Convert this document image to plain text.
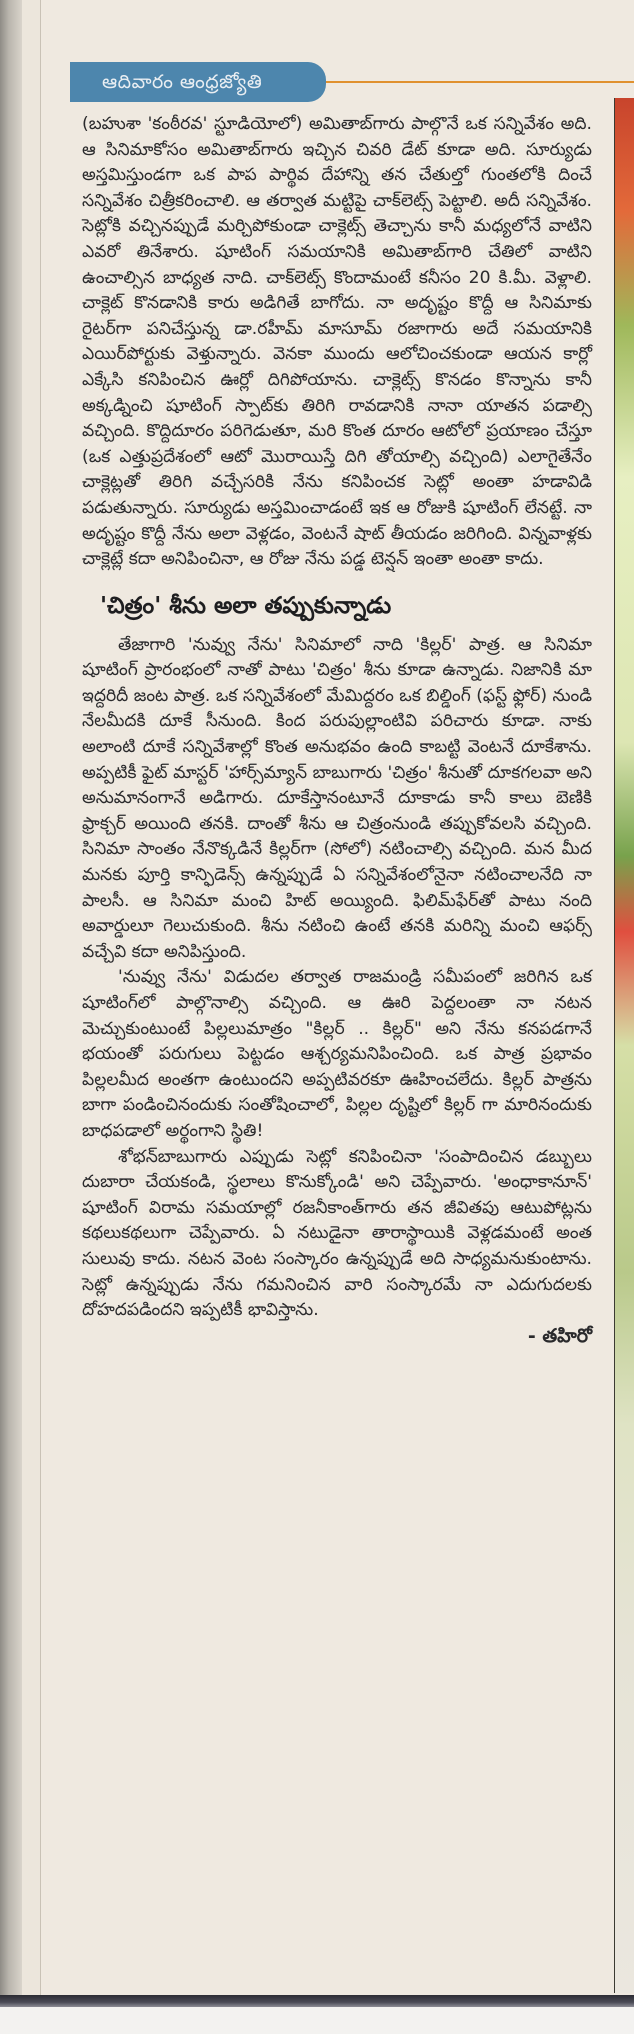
ఆదివారం ఆంధ్రజ్యోతి

(బహుశా 'కంఠీరవ' స్టూడియోలో) అమితాబ్‌గారు పాల్గొనే ఒక సన్నివేశం అది. ఆ సినిమాకోసం అమితాబ్‌గారు ఇచ్చిన చివరి డేట్ కూడా అది. సూర్యుడు అస్తమిస్తుండగా ఒక పాప పార్థివ దేహాన్ని తన చేతుల్తో గుంతలోకి దించే సన్నివేశం చిత్రీకరించాలి. ఆ తర్వాత మట్టిపై చాక్‌లెట్స్ పెట్టాలి. అదీ సన్నివేశం. సెట్లోకి వచ్చినప్పుడే మర్చిపోకుండా చాక్లెట్స్ తెచ్చాను కానీ మధ్యలోనే వాటిని ఎవరో తినేశారు. షూటింగ్ సమయానికి అమితాబ్‌గారి చేతిలో వాటిని ఉంచాల్సిన బాధ్యత నాది. చాక్‌లెట్స్ కొందామంటే కనీసం 20 కి.మీ. వెళ్లాలి. చాక్లెట్ కొనడానికి కారు అడిగితే బాగోదు. నా అదృష్టం కొద్దీ ఆ సినిమాకు రైటర్‌గా పనిచేస్తున్న డా.రహీమ్ మాసూమ్ రజాగారు అదే సమయానికి ఎయిర్‌పోర్టుకు వెళ్తున్నారు. వెనకా ముందు ఆలోచించకుండా ఆయన కార్లో ఎక్కేసి కనిపించిన ఊర్లో దిగిపోయాను. చాక్లెట్స్ కొనడం కొన్నాను కానీ అక్కడ్నించి షూటింగ్ స్పాట్‌కు తిరిగి రావడానికి నానా యాతన పడాల్సి వచ్చింది. కొద్దిదూరం పరిగెడుతూ, మరి కొంత దూరం ఆటోలో ప్రయాణం చేస్తూ (ఒక ఎత్తుప్రదేశంలో ఆటో మొరాయిస్తే దిగి తోయాల్సి వచ్చింది) ఎలాగైతేనేం చాక్లెట్లతో తిరిగి వచ్చేసరికి నేను కనిపించక సెట్లో అంతా హడావిడి పడుతున్నారు. సూర్యుడు అస్తమించాడంటే ఇక ఆ రోజుకి షూటింగ్ లేనట్టే. నా అదృష్టం కొద్దీ నేను అలా వెళ్లడం, వెంటనే షాట్ తీయడం జరిగింది. విన్నవాళ్లకు చాక్లెట్లే కదా అనిపించినా, ఆ రోజు నేను పడ్డ టెన్షన్ ఇంతా అంతా కాదు.

'చిత్రం' శీను అలా తప్పుకున్నాడు

తేజాగారి 'నువ్వు నేను' సినిమాలో నాది 'కిల్లర్' పాత్ర. ఆ సినిమా షూటింగ్ ప్రారంభంలో నాతో పాటు 'చిత్రం' శీను కూడా ఉన్నాడు. నిజానికి మా ఇద్దరిదీ జంట పాత్ర. ఒక సన్నివేశంలో మేమిద్దరం ఒక బిల్డింగ్ (ఫస్ట్ ఫ్లోర్) నుండి నేలమీదకి దూకే సీనుంది. కింద పరుపుల్లాంటివి పరిచారు కూడా. నాకు అలాంటి దూకే సన్నివేశాల్లో కొంత అనుభవం ఉంది కాబట్టి వెంటనే దూకేశాను. అప్పటికీ ఫైట్ మాస్టర్ 'హార్స్‌మ్యాన్ బాబుగారు 'చిత్రం' శీనుతో దూకగలవా అని అనుమానంగానే అడిగారు. దూకేస్తానంటూనే దూకాడు కానీ కాలు బెణికి ఫ్రాక్చర్ అయింది తనకి. దాంతో శీను ఆ చిత్రంనుండి తప్పుకోవలసి వచ్చింది. సినిమా సాంతం నేనొక్కడినే కిల్లర్‌గా (సోలో) నటించాల్సి వచ్చింది. మన మీద మనకు పూర్తి కాన్ఫిడెన్స్ ఉన్నప్పుడే ఏ సన్నివేశంలోనైనా నటించాలనేది నా పాలసీ. ఆ సినిమా మంచి హిట్ అయ్యింది. ఫిలిమ్‌ఫేర్‌తో పాటు నంది అవార్డులూ గెలుచుకుంది. శీను నటించి ఉంటే తనకి మరిన్ని మంచి ఆఫర్స్ వచ్చేవి కదా అనిపిస్తుంది.

'నువ్వు నేను' విడుదల తర్వాత రాజమండ్రి సమీపంలో జరిగిన ఒక షూటింగ్‌లో పాల్గొనాల్సి వచ్చింది. ఆ ఊరి పెద్దలంతా నా నటన మెచ్చుకుంటుంటే పిల్లలుమాత్రం "కిల్లర్ .. కిల్లర్" అని నేను కనపడగానే భయంతో పరుగులు పెట్టడం ఆశ్చర్యమనిపించింది. ఒక పాత్ర ప్రభావం పిల్లలమీద అంతగా ఉంటుందని అప్పటివరకూ ఊహించలేదు. కిల్లర్ పాత్రను బాగా పండించినందుకు సంతోషించాలో, పిల్లల దృష్టిలో కిల్లర్ గా మారినందుకు బాధపడాలో అర్థంగాని స్థితి!

శోభన్‌బాబుగారు ఎప్పుడు సెట్లో కనిపించినా 'సంపాదించిన డబ్బులు దుబారా చేయకండి, స్థలాలు కొనుక్కోండి' అని చెప్పేవారు. 'అంధాకానూన్' షూటింగ్ విరామ సమయాల్లో రజనీకాంత్‌గారు తన జీవితపు ఆటుపోట్లను కథలుకథలుగా చెప్పేవారు. ఏ నటుడైనా తారాస్థాయికి వెళ్లడమంటే అంత సులువు కాదు. నటన వెంట సంస్కారం ఉన్నప్పుడే అది సాధ్యమనుకుంటాను. సెట్లో ఉన్నప్పుడు నేను గమనించిన వారి సంస్కారమే నా ఎదుగుదలకు దోహదపడిందని ఇప్పటికీ భావిస్తాను.

- తహిరో
